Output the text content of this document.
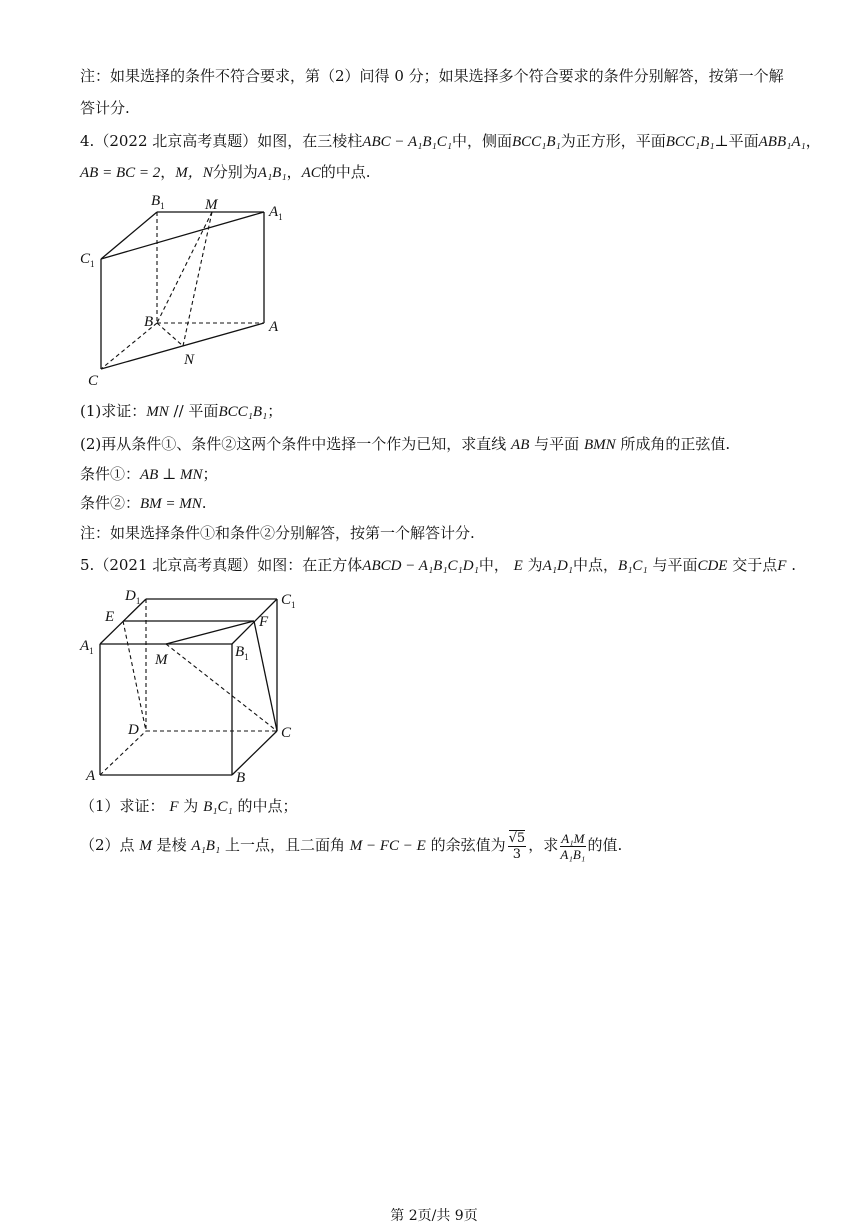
注：如果选择的条件不符合要求，第（2）问得 0 分；如果选择多个符合要求的条件分别解答，按第一个解
答计分.
4.（2022 北京高考真题）如图，在三棱柱ABC − A₁B₁C₁中，侧面BCC₁B₁为正方形，平面BCC₁B₁⊥平面ABB₁A₁，
AB = BC = 2，M，N分别为A₁B₁，AC的中点.
$B_1$	M	$A_1$
$C_1$
B	A
N
C
(1)求证：MN // 平面BCC₁B₁；
(2)再从条件①、条件②这两个条件中选择一个作为已知，求直线 AB 与平面 BMN 所成角的正弦值.
条件①：AB ⊥ MN；
条件②：BM = MN.
注：如果选择条件①和条件②分别解答，按第一个解答计分.
5.（2021 北京高考真题）如图：在正方体ABCD − A₁B₁C₁D₁中， E 为A₁D₁中点，B₁C₁ 与平面CDE 交于点F .
$D_1$	$C_1$
E	F
$A_1$
M	$B_1$
D	C
A	B
（1）求证： F 为 B₁C₁ 的中点；
（2）点 M 是棱 A₁B₁ 上一点，且二面角 M − FC − E 的余弦值为 $\frac{√5}{3}$ ，求 $\frac{\text{A₁M}}{\text{A₁B₁}}$ 的值.
第 2页/共 9页
